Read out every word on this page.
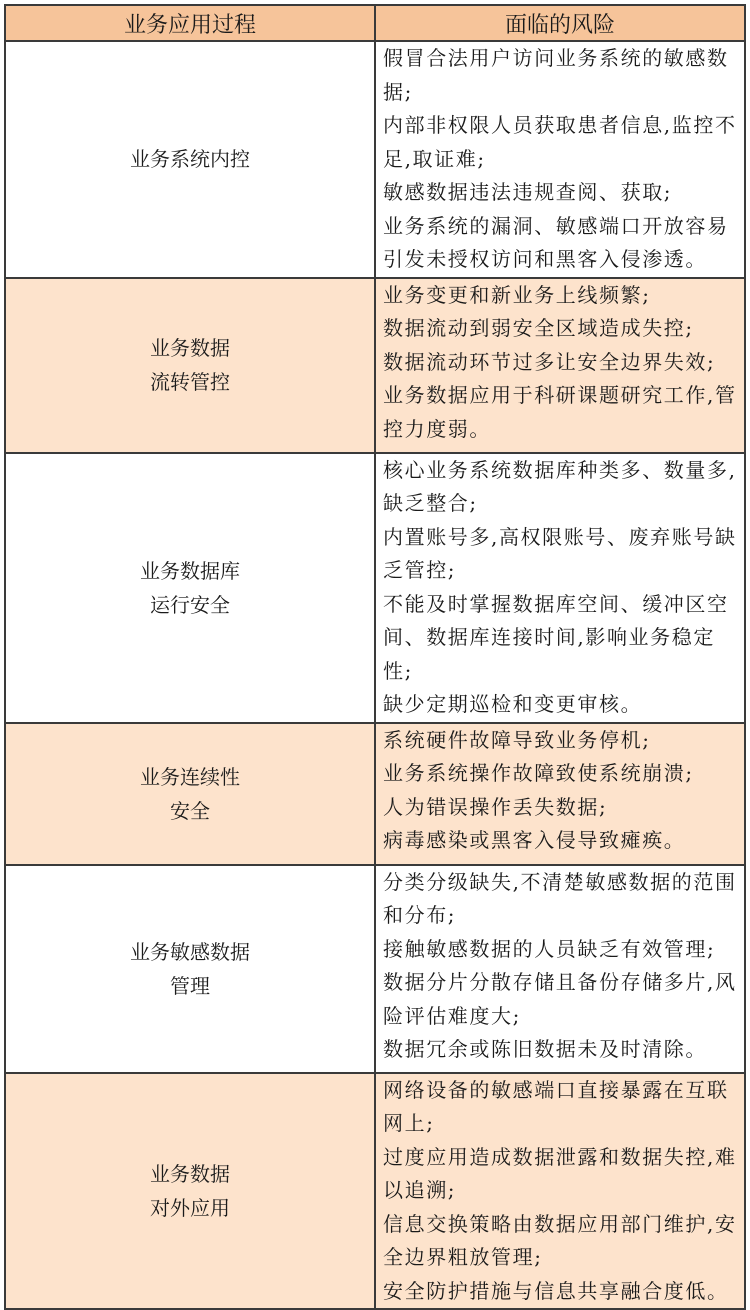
业务应用过程	面临的风险

业务系统内控	假冒合法用户访问业务系统的敏感数据;
内部非权限人员获取患者信息,监控不足,取证难;
敏感数据违法违规查阅、获取;
业务系统的漏洞、敏感端口开放容易引发未授权访问和黑客入侵渗透。

业务数据
流转管控	业务变更和新业务上线频繁;
数据流动到弱安全区域造成失控;
数据流动环节过多让安全边界失效;
业务数据应用于科研课题研究工作,管控力度弱。

业务数据库
运行安全	核心业务系统数据库种类多、数量多,缺乏整合;
内置账号多,高权限账号、废弃账号缺乏管控;
不能及时掌握数据库空间、缓冲区空间、数据库连接时间,影响业务稳定性;
缺少定期巡检和变更审核。

业务连续性
安全	系统硬件故障导致业务停机;
业务系统操作故障致使系统崩溃;
人为错误操作丢失数据;
病毒感染或黑客入侵导致瘫痪。

业务敏感数据
管理	分类分级缺失,不清楚敏感数据的范围和分布;
接触敏感数据的人员缺乏有效管理;
数据分片分散存储且备份存储多片,风险评估难度大;
数据冗余或陈旧数据未及时清除。

业务数据
对外应用	网络设备的敏感端口直接暴露在互联网上;
过度应用造成数据泄露和数据失控,难以追溯;
信息交换策略由数据应用部门维护,安全边界粗放管理;
安全防护措施与信息共享融合度低。
